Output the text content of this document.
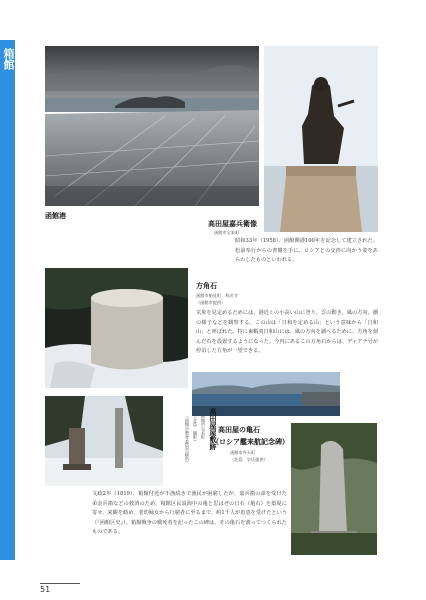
箱館
函館港
高田屋嘉兵衛像
函館市宝来町
昭和33年（1958）、函館開港100年を記念して建立された。松前奉行からの書簡を手に、ロシアとの交渉に向かう姿をあらわしたものといわれる。
方角石
函館市船見町　称名寺
（函館市提供）
気象を見定めるためには、港近くの小高い山に登り、雲の動き、風の方向、潮の様子などを観察する。この山は「日和を定める山」という意味から「日和山」と呼ばれた。特に東蝦夷日和山には、風の方向を調べるために、方角を刻んだ石を設置するようになった。今内にあるこの方角石からは、ディアナ号が停泊した方角が一望できる。
高田屋屋敷跡
函館市宝来町
（北島　撮影）
（函館市教育委員会提供）	高田屋の亀石
（ロシア艦来航記念碑）
函館市弁天町
（北島　学氏提供）
文政2年（1819）、箱館付近が不漁続きで漁民が困窮したが、嘉兵衛の命を受けた弟金兵衛などの救済のため、箱館区民設海中の亀と思はぜの日石（亀石）を築堤に寄せ、来観を勧め、老幼婦女から行窮者に至るまで、約1千人が恵恵を受けたという（『函館区史』）。箱館戦争の戦死者を記ったこの碑は、その亀石を割ってつくられたものである。
51
